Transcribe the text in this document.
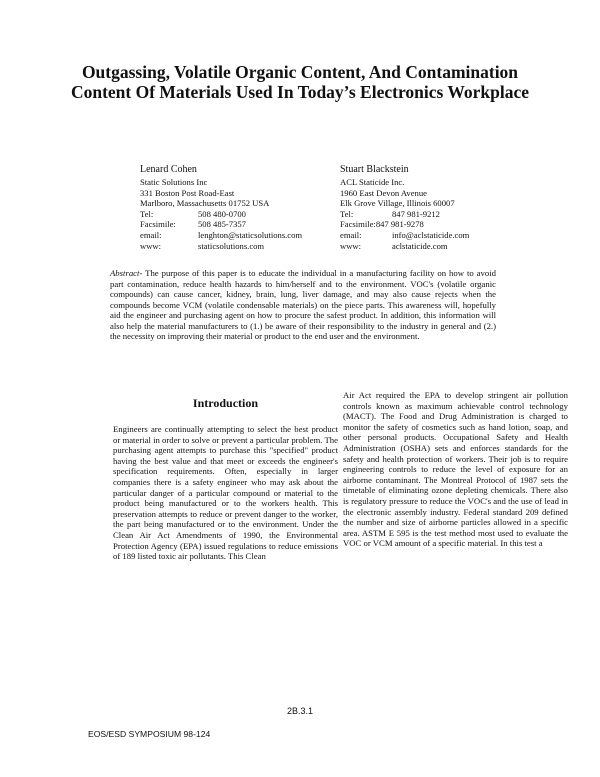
Outgassing, Volatile Organic Content, And Contamination Content Of Materials Used In Today’s Electronics Workplace
Lenard Cohen
Static Solutions Inc
331 Boston Post Road-East
Marlboro, Massachusetts 01752 USA
Tel:	508 480-0700
Facsimile:	508 485-7357
email:	lenghton@staticsolutions.com
www:	staticsolutions.com
Stuart Blackstein
ACL Staticide Inc.
1960 East Devon Avenue
Elk Grove Village, Illinois 60007
Tel:	847 981-9212
Facsimile: 847 981-9278
email:	info@aclstaticide.com
www:	aclstaticide.com

Abstract- The purpose of this paper is to educate the individual in a manufacturing facility on how to avoid part contamination, reduce health hazards to him/herself and to the environment. VOC's (volatile organic compounds) can cause cancer, kidney, brain, lung, liver damage, and may also cause rejects when the compounds become VCM (volatile condensable materials) on the piece parts. This awareness will, hopefully aid the engineer and purchasing agent on how to procure the safest product. In addition, this information will also help the material manufacturers to (1.) be aware of their responsibility to the industry in general and (2.) the necessity on improving their material or product to the end user and the environment.

Introduction

Engineers are continually attempting to select the best product or material in order to solve or prevent a particular problem. The purchasing agent attempts to purchase this "specified" product having the best value and that meet or exceeds the engineer's specification requirements. Often, especially in larger companies there is a safety engineer who may ask about the particular danger of a particular compound or material to the product being manufactured or to the workers health. This preservation attempts to reduce or prevent danger to the worker, the part being manufactured or to the environment. Under the Clean Air Act Amendments of 1990, the Environmental Protection Agency (EPA) issued regulations to reduce emissions of 189 listed toxic air pollutants. This Clean

Air Act required the EPA to develop stringent air pollution controls known as maximum achievable control technology (MACT). The Food and Drug Administration is charged to monitor the safety of cosmetics such as hand lotion, soap, and other personal products. Occupational Safety and Health Administration (OSHA) sets and enforces standards for the safety and health protection of workers. Their job is to require engineering controls to reduce the level of exposure for an airborne contaminant. The Montreal Protocol of 1987 sets the timetable of eliminating ozone depleting chemicals. There also is regulatory pressure to reduce the VOC's and the use of lead in the electronic assembly industry. Federal standard 209 defined the number and size of airborne particles allowed in a specific area. ASTM E 595 is the test method most used to evaluate the VOC or VCM amount of a specific material. In this test a

2B.3.1
EOS/ESD SYMPOSIUM 98-124
